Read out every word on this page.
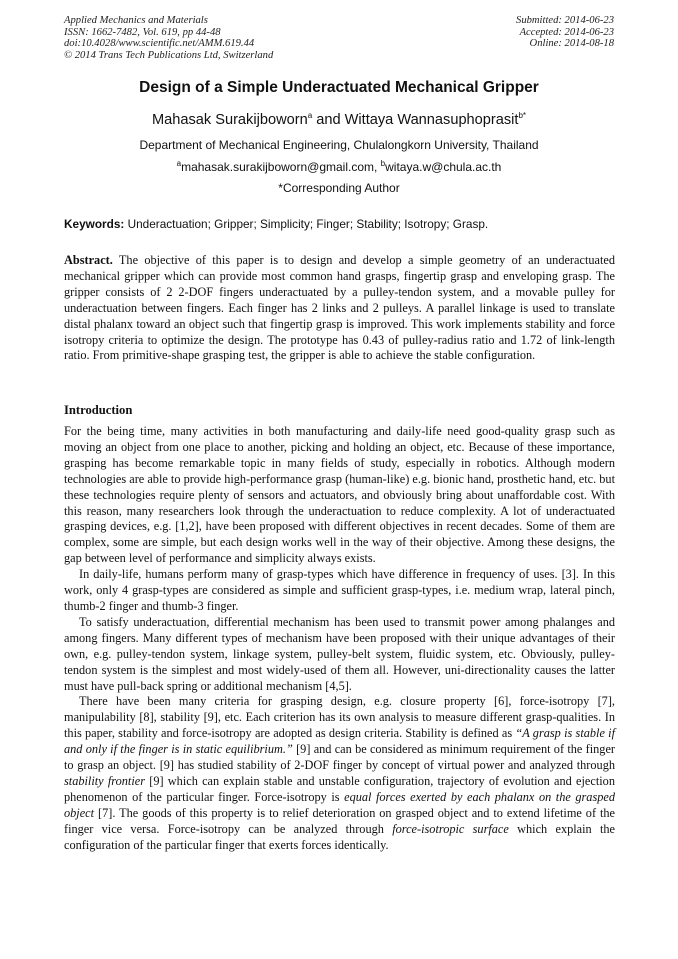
Applied Mechanics and Materials
ISSN: 1662-7482, Vol. 619, pp 44-48
doi:10.4028/www.scientific.net/AMM.619.44
© 2014 Trans Tech Publications Ltd, Switzerland
Submitted: 2014-06-23
Accepted: 2014-06-23
Online: 2014-08-18
Design of a Simple Underactuated Mechanical Gripper
Mahasak Surakijboworn$^a$ and Wittaya Wannasuphoprasit$^{b*}$
Department of Mechanical Engineering, Chulalongkorn University, Thailand
$^a$mahasak.surakijboworn@gmail.com, $^b$witaya.w@chula.ac.th
*Corresponding Author
Keywords: Underactuation; Gripper; Simplicity; Finger; Stability; Isotropy; Grasp.

Abstract. The objective of this paper is to design and develop a simple geometry of an underactuated mechanical gripper which can provide most common hand grasps, fingertip grasp and enveloping grasp. The gripper consists of 2 2-DOF fingers underactuated by a pulley-tendon system, and a movable pulley for underactuation between fingers. Each finger has 2 links and 2 pulleys. A parallel linkage is used to translate distal phalanx toward an object such that fingertip grasp is improved. This work implements stability and force isotropy criteria to optimize the design. The prototype has 0.43 of pulley-radius ratio and 1.72 of link-length ratio. From primitive-shape grasping test, the gripper is able to achieve the stable configuration.

Introduction

For the being time, many activities in both manufacturing and daily-life need good-quality grasp such as moving an object from one place to another, picking and holding an object, etc. Because of these importance, grasping has become remarkable topic in many fields of study, especially in robotics. Although modern technologies are able to provide high-performance grasp (human-like) e.g. bionic hand, prosthetic hand, etc. but these technologies require plenty of sensors and actuators, and obviously bring about unaffordable cost. With this reason, many researchers look through the underactuation to reduce complexity. A lot of underactuated grasping devices, e.g. [1,2], have been proposed with different objectives in recent decades. Some of them are complex, some are simple, but each design works well in the way of their objective. Among these designs, the gap between level of performance and simplicity always exists.

In daily-life, humans perform many of grasp-types which have difference in frequency of uses. [3]. In this work, only 4 grasp-types are considered as simple and sufficient grasp-types, i.e. medium wrap, lateral pinch, thumb-2 finger and thumb-3 finger.

To satisfy underactuation, differential mechanism has been used to transmit power among phalanges and among fingers. Many different types of mechanism have been proposed with their unique advantages of their own, e.g. pulley-tendon system, linkage system, pulley-belt system, fluidic system, etc. Obviously, pulley-tendon system is the simplest and most widely-used of them all. However, uni-directionality causes the latter must have pull-back spring or additional mechanism [4,5].

There have been many criteria for grasping design, e.g. closure property [6], force-isotropy [7], manipulability [8], stability [9], etc. Each criterion has its own analysis to measure different grasp-qualities. In this paper, stability and force-isotropy are adopted as design criteria. Stability is defined as “A grasp is stable if and only if the finger is in static equilibrium.” [9] and can be considered as minimum requirement of the finger to grasp an object. [9] has studied stability of 2-DOF finger by concept of virtual power and analyzed through stability frontier [9] which can explain stable and unstable configuration, trajectory of evolution and ejection phenomenon of the particular finger. Force-isotropy is equal forces exerted by each phalanx on the grasped object [7]. The goods of this property is to relief deterioration on grasped object and to extend lifetime of the finger vice versa. Force-isotropy can be analyzed through force-isotropic surface which explain the configuration of the particular finger that exerts forces identically.
